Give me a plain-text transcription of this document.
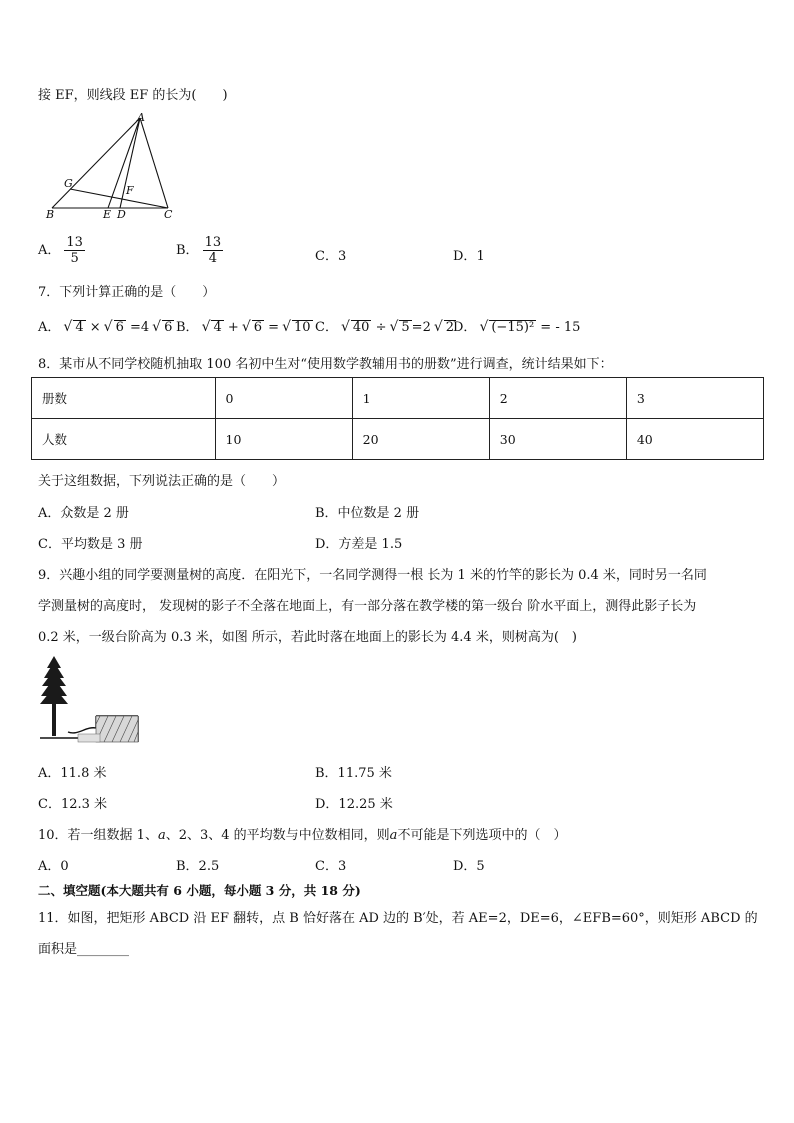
接 EF，则线段 EF 的长为(　　)
A
G
F
B	E D	C
A． $\frac{13}{5}$	B． $\frac{13}{4}$	C．3	D．1
7．下列计算正确的是（　　）
A． √ 4 × √ 6 =4 √ 6 B． √ 4 + √ 6 = √ 10 C． √ 40 ÷ √ 5 =2 √ 2
D． √ (−15)² = - 15
8．某市从不同学校随机抽取 100 名初中生对“使用数学教辅用书的册数”进行调查，统计结果如下：
册数	0	1	2	3
人数	10	20	30	40
关于这组数据，下列说法正确的是（　　）
A．众数是 2 册	B．中位数是 2 册
C．平均数是 3 册	D．方差是 1.5
9．兴趣小组的同学要测量树的高度．在阳光下，一名同学测得一根 长为 1 米的竹竿的影长为 0.4 米，同时另一名同
学测量树的高度时， 发现树的影子不全落在地面上，有一部分落在教学楼的第一级台 阶水平面上，测得此影子长为
0.2 米，一级台阶高为 0.3 米，如图 所示，若此时落在地面上的影长为 4.4 米，则树高为(　)
A．11.8 米	B．11.75 米
C．12.3 米	D．12.25 米
10．若一组数据 1、a、2、3、4 的平均数与中位数相同，则a不可能是下列选项中的（　）
A．0	B．2.5	C．3	D．5
二、填空题(本大题共有 6 小题，每小题 3 分，共 18 分)
11．如图，把矩形 ABCD 沿 EF 翻转，点 B 恰好落在 AD 边的 B′处，若 AE=2，DE=6，∠EFB=60°，则矩形 ABCD 的
面积是________
